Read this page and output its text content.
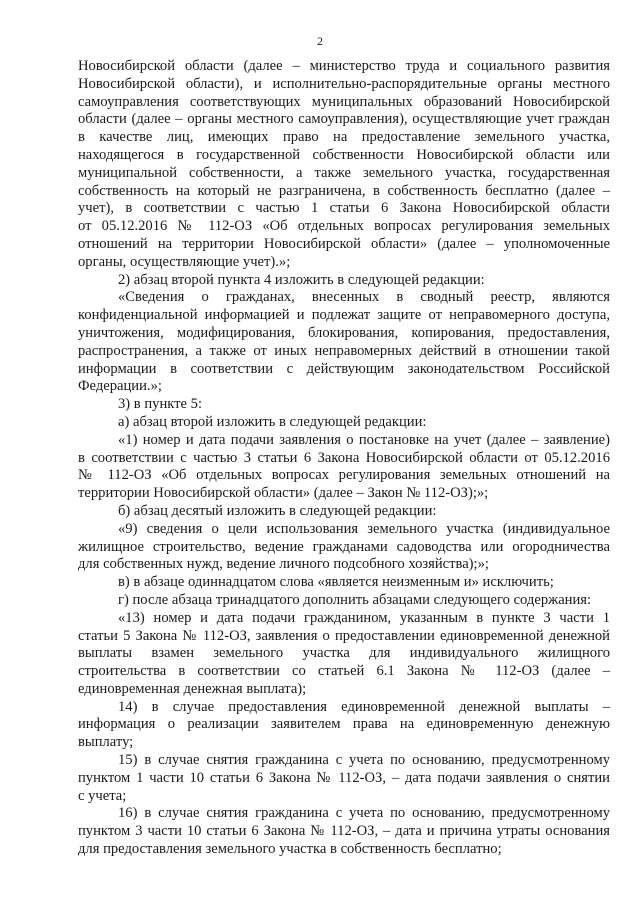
2

Новосибирской области (далее – министерство труда и социального развития

Новосибирской области), и исполнительно-распорядительные органы местного

самоуправления соответствующих муниципальных образований Новосибирской

области (далее – органы местного самоуправления), осуществляющие учет граждан

в качестве лиц, имеющих право на предоставление земельного участка,

находящегося в государственной собственности Новосибирской области или

муниципальной собственности, а также земельного участка, государственная

собственность на который не разграничена, в собственность бесплатно (далее –

учет), в соответствии с частью 1 статьи 6 Закона Новосибирской области

от 05.12.2016 № 112-ОЗ «Об отдельных вопросах регулирования земельных

отношений на территории Новосибирской области» (далее – уполномоченные

органы, осуществляющие учет).»;

2) абзац второй пункта 4 изложить в следующей редакции:

«Сведения о гражданах, внесенных в сводный реестр, являются

конфиденциальной информацией и подлежат защите от неправомерного доступа,

уничтожения, модифицирования, блокирования, копирования, предоставления,

распространения, а также от иных неправомерных действий в отношении такой

информации в соответствии с действующим законодательством Российской

Федерации.»;

3) в пункте 5:

а) абзац второй изложить в следующей редакции:

«1) номер и дата подачи заявления о постановке на учет (далее – заявление)

в соответствии с частью 3 статьи 6 Закона Новосибирской области от 05.12.2016

№ 112-ОЗ «Об отдельных вопросах регулирования земельных отношений на

территории Новосибирской области» (далее – Закон № 112-ОЗ);»;

б) абзац десятый изложить в следующей редакции:

«9) сведения о цели использования земельного участка (индивидуальное

жилищное строительство, ведение гражданами садоводства или огородничества

для собственных нужд, ведение личного подсобного хозяйства);»;

в) в абзаце одиннадцатом слова «является неизменным и» исключить;

г) после абзаца тринадцатого дополнить абзацами следующего содержания:

«13) номер и дата подачи гражданином, указанным в пункте 3 части 1

статьи 5 Закона № 112-ОЗ, заявления о предоставлении единовременной денежной

выплаты взамен земельного участка для индивидуального жилищного

строительства в соответствии со статьей 6.1 Закона № 112-ОЗ (далее –

единовременная денежная выплата);

14) в случае предоставления единовременной денежной выплаты –

информация о реализации заявителем права на единовременную денежную

выплату;

15) в случае снятия гражданина с учета по основанию, предусмотренному

пунктом 1 части 10 статьи 6 Закона № 112-ОЗ, – дата подачи заявления о снятии

с учета;

16) в случае снятия гражданина с учета по основанию, предусмотренному

пунктом 3 части 10 статьи 6 Закона № 112-ОЗ, – дата и причина утраты основания

для предоставления земельного участка в собственность бесплатно;
